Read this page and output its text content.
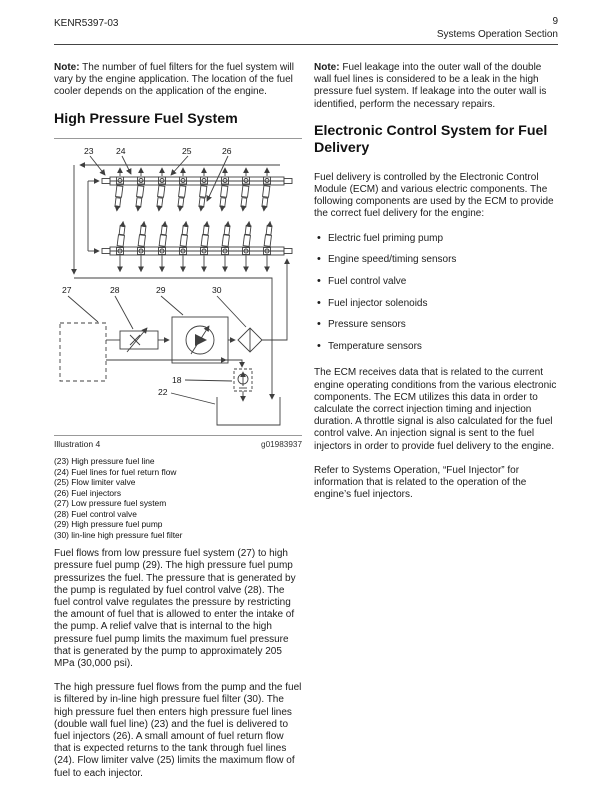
KENR5397-03	9
Systems Operation Section

Note: The number of fuel filters for the fuel system will vary by the engine application. The location of the fuel cooler depends on the application of the engine.

High Pressure Fuel System
23	24	25	26
27	28	29	30
18
22
Illustration 4	g01983937
(23) High pressure fuel line
(24) Fuel lines for fuel return flow
(25) Flow limiter valve
(26) Fuel injectors
(27) Low pressure fuel system
(28) Fuel control valve
(29) High pressure fuel pump
(30) lin-line high pressure fuel filter

Fuel flows from low pressure fuel system (27) to high pressure fuel pump (29). The high pressure fuel pump pressurizes the fuel. The pressure that is generated by the pump is regulated by fuel control valve (28). The fuel control valve regulates the pressure by restricting the amount of fuel that is allowed to enter the intake of the pump. A relief valve that is internal to the high pressure fuel pump limits the maximum fuel pressure that is generated by the pump to approximately 205 MPa (30,000 psi).

The high pressure fuel flows from the pump and the fuel is filtered by in-line high pressure fuel filter (30). The high pressure fuel then enters high pressure fuel lines (double wall fuel line) (23) and the fuel is delivered to fuel injectors (26). A small amount of fuel return flow that is expected returns to the tank through fuel lines (24). Flow limiter valve (25) limits the maximum flow of fuel to each injector.

Note: Fuel leakage into the outer wall of the double wall fuel lines is considered to be a leak in the high pressure fuel system. If leakage into the outer wall is identified, perform the necessary repairs.

Electronic Control System for Fuel Delivery

Fuel delivery is controlled by the Electronic Control Module (ECM) and various electric components. The following components are used by the ECM to provide the correct fuel delivery for the engine:

• Electric fuel priming pump
• Engine speed/timing sensors
• Fuel control valve
• Fuel injector solenoids
• Pressure sensors
• Temperature sensors

The ECM receives data that is related to the current engine operating conditions from the various electronic components. The ECM utilizes this data in order to calculate the correct injection timing and injection duration. A throttle signal is also calculated for the fuel control valve. An injection signal is sent to the fuel injectors in order to provide fuel delivery to the engine.

Refer to Systems Operation, “Fuel Injector” for information that is related to the operation of the engine’s fuel injectors.
